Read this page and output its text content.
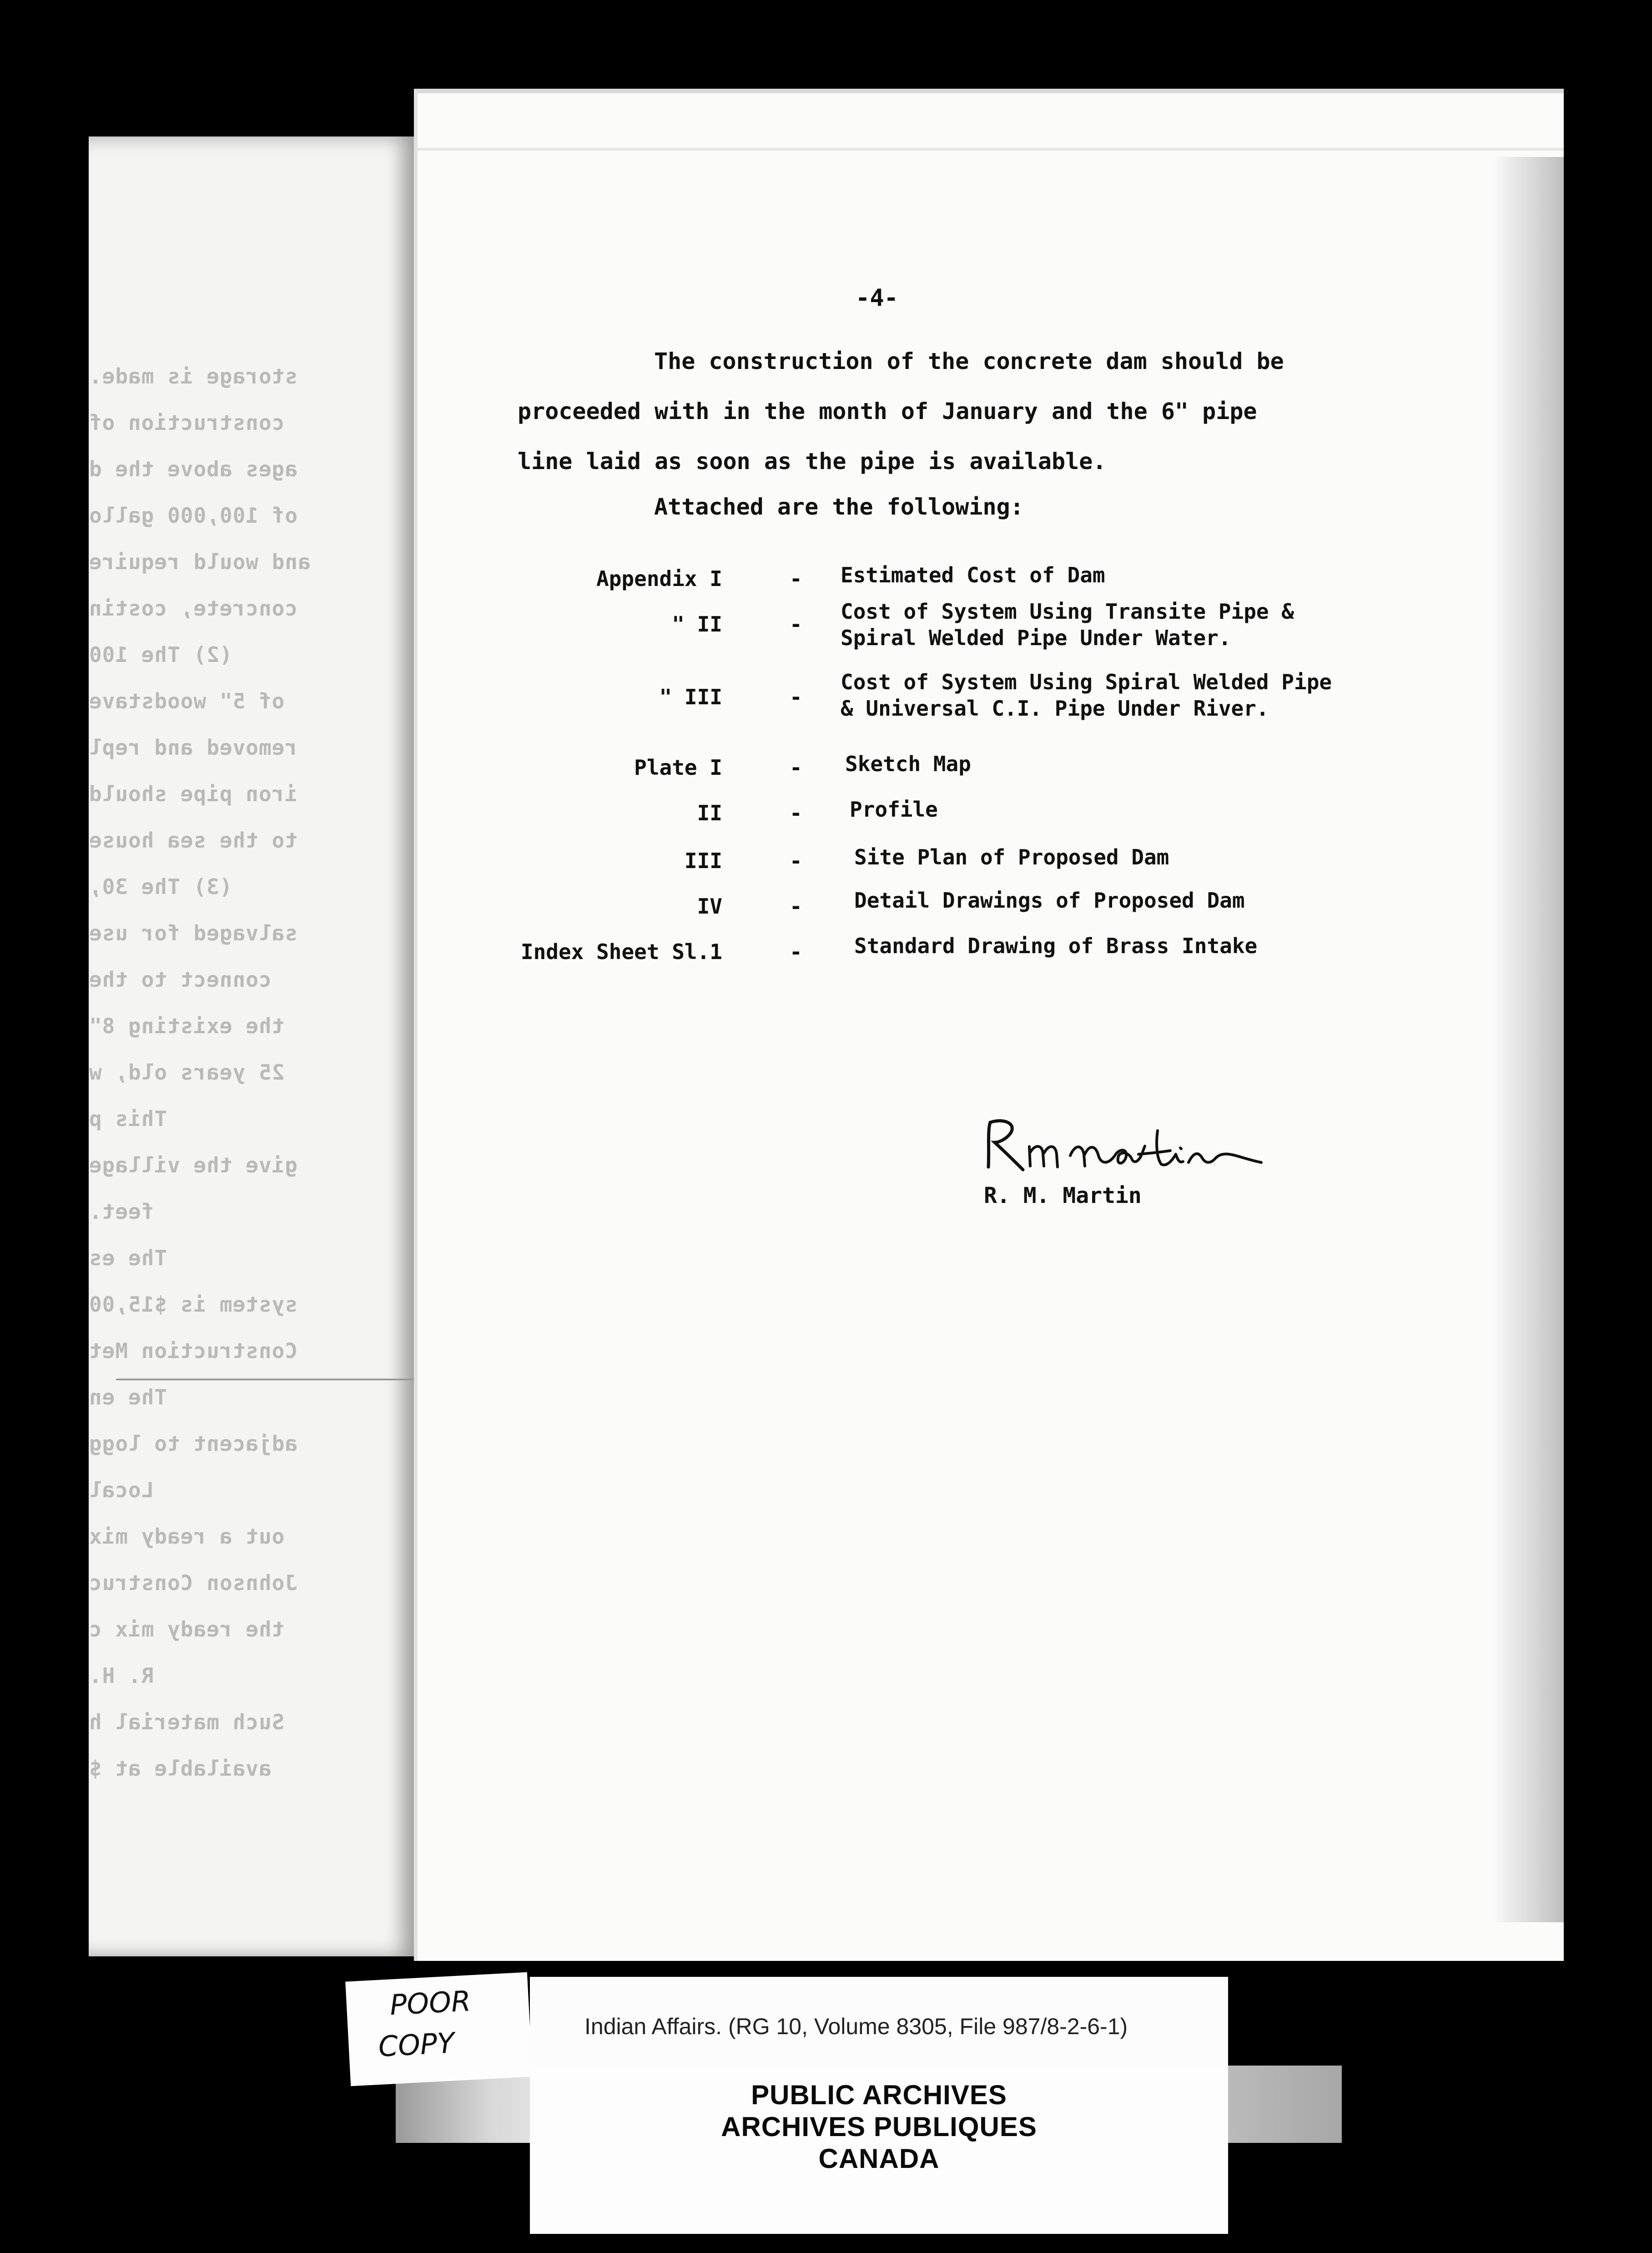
storage is made.
construction of
ages above the d
of 100,000 gallo
and would require
concrete, costin
(2) The 100
of 5" woodstave
removed and repl
iron pipe should
to the sea house
(3) The 30,
salvaged for use
connect to the
the existing 8"
25 years old, w
This p
give the village
feet.
The es
system is $15,00
Construction Met
The en
adjacent to logg
Local
out a ready mix
Johnson Construc
the ready mix c
R. H.
Such material h
available at $
-4-
The construction of the concrete dam should be
proceeded with in the month of January and the 6" pipe
line laid as soon as the pipe is available.
Attached are the following:
Appendix I	- Estimated Cost of Dam
" II	-
Cost of System Using Transite Pipe &
Spiral Welded Pipe Under Water.
" III	-
Cost of System Using Spiral Welded Pipe
& Universal C.I. Pipe Under River.
Plate I	- Sketch Map
II	- Profile
III	- Site Plan of Proposed Dam
IV	- Detail Drawings of Proposed Dam
Index Sheet Sl.1	- Standard Drawing of Brass Intake
R. M. Martin
POOR
COPY	Indian Affairs. (RG 10, Volume 8305, File 987/8-2-6-1)
PUBLIC ARCHIVES
ARCHIVES PUBLIQUES
CANADA
